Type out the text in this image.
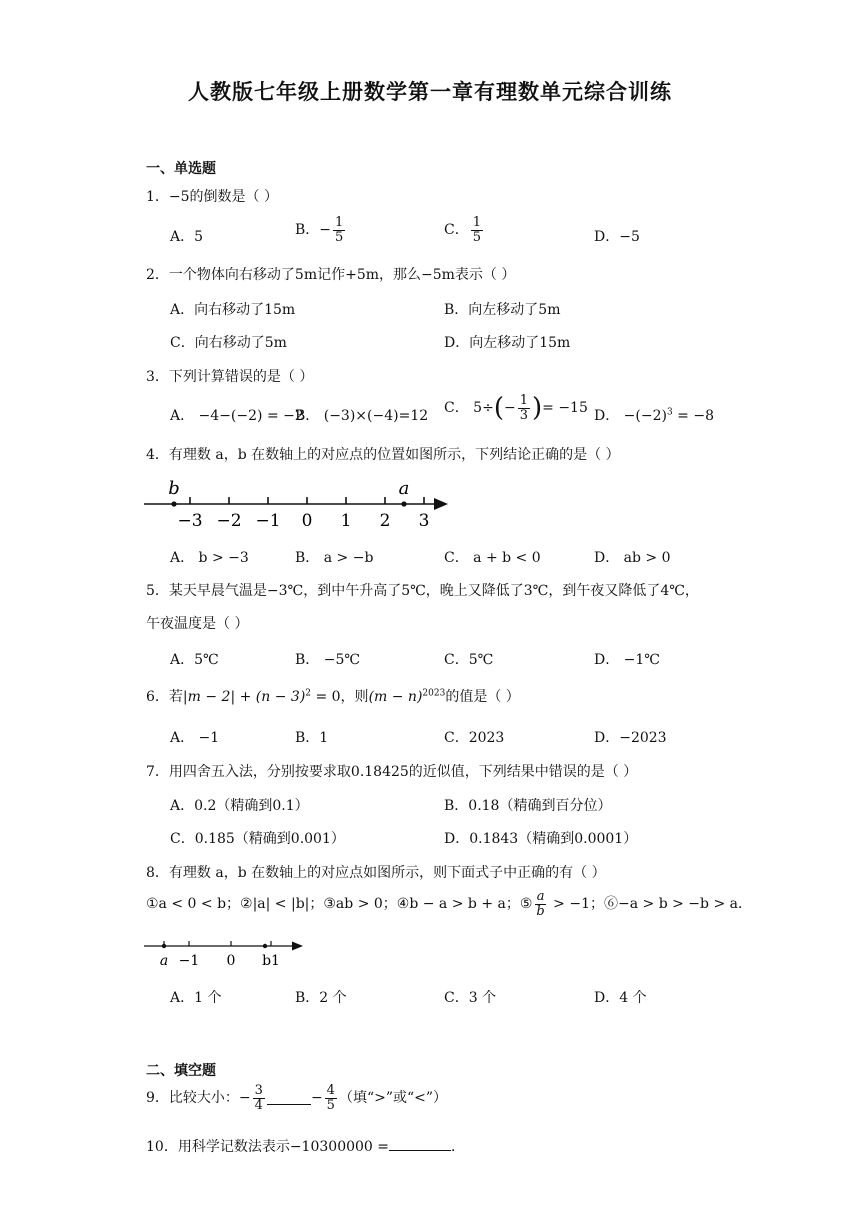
人教版七年级上册数学第一章有理数单元综合训练
一、单选题
1．−5的倒数是（ ）
A．5	B．− $\frac{1}{5}$	C． $\frac{1}{5}$	D．−5
2．一个物体向右移动了5m记作+5m，那么−5m表示（ ）
A．向右移动了15m	B．向左移动了5m
C．向右移动了5m	D．向左移动了15m
3．下列计算错误的是（ ）
A． −4−(−2) = −2
B． (−3)×(−4)=12 C． $5\div(- \frac{1}{3}$ )= −15 D． $-(-2)^3 = -8$
4．有理数 a，b 在数轴上的对应点的位置如图所示，下列结论正确的是（ ）
b	a
−3 −2 −1 0 1 2 3
A． b > −3	B． a > −b	C． a + b < 0	D． ab > 0
5．某天早晨气温是−3℃，到中午升高了5℃，晚上又降低了3℃，到午夜又降低了4℃，
午夜温度是（ ）
A．5℃	B． −5℃	C．5℃	D． −1℃
6．若$|m - 2| + (n - 3)^2 = 0$，则$(m - n)^{2023}$的值是（ ）
A． −1	B．1	C．2023	D．−2023
7．用四舍五入法，分别按要求取0.18425的近似值，下列结果中错误的是（ ）
A．0.2（精确到0.1）	B．0.18（精确到百分位）
C．0.185（精确到0.001）	D．0.1843（精确到0.0001）
8．有理数 a，b 在数轴上的对应点如图所示，则下面式子中正确的有（ ）
①a < 0 < b；②|a| < |b|；③ab > 0；④b − a > b + a；⑤ $\frac{a}{b} > -1$；⑥−a > b > −b > a．
a −1 0 b1
A．1 个	B．2 个	C．3 个	D．4 个
二、填空题
9．比较大小：− $\frac{3}{4}$	− $\frac{4}{5}$ （填“>”或“<”）
10．用科学记数法表示−10300000 =	．
